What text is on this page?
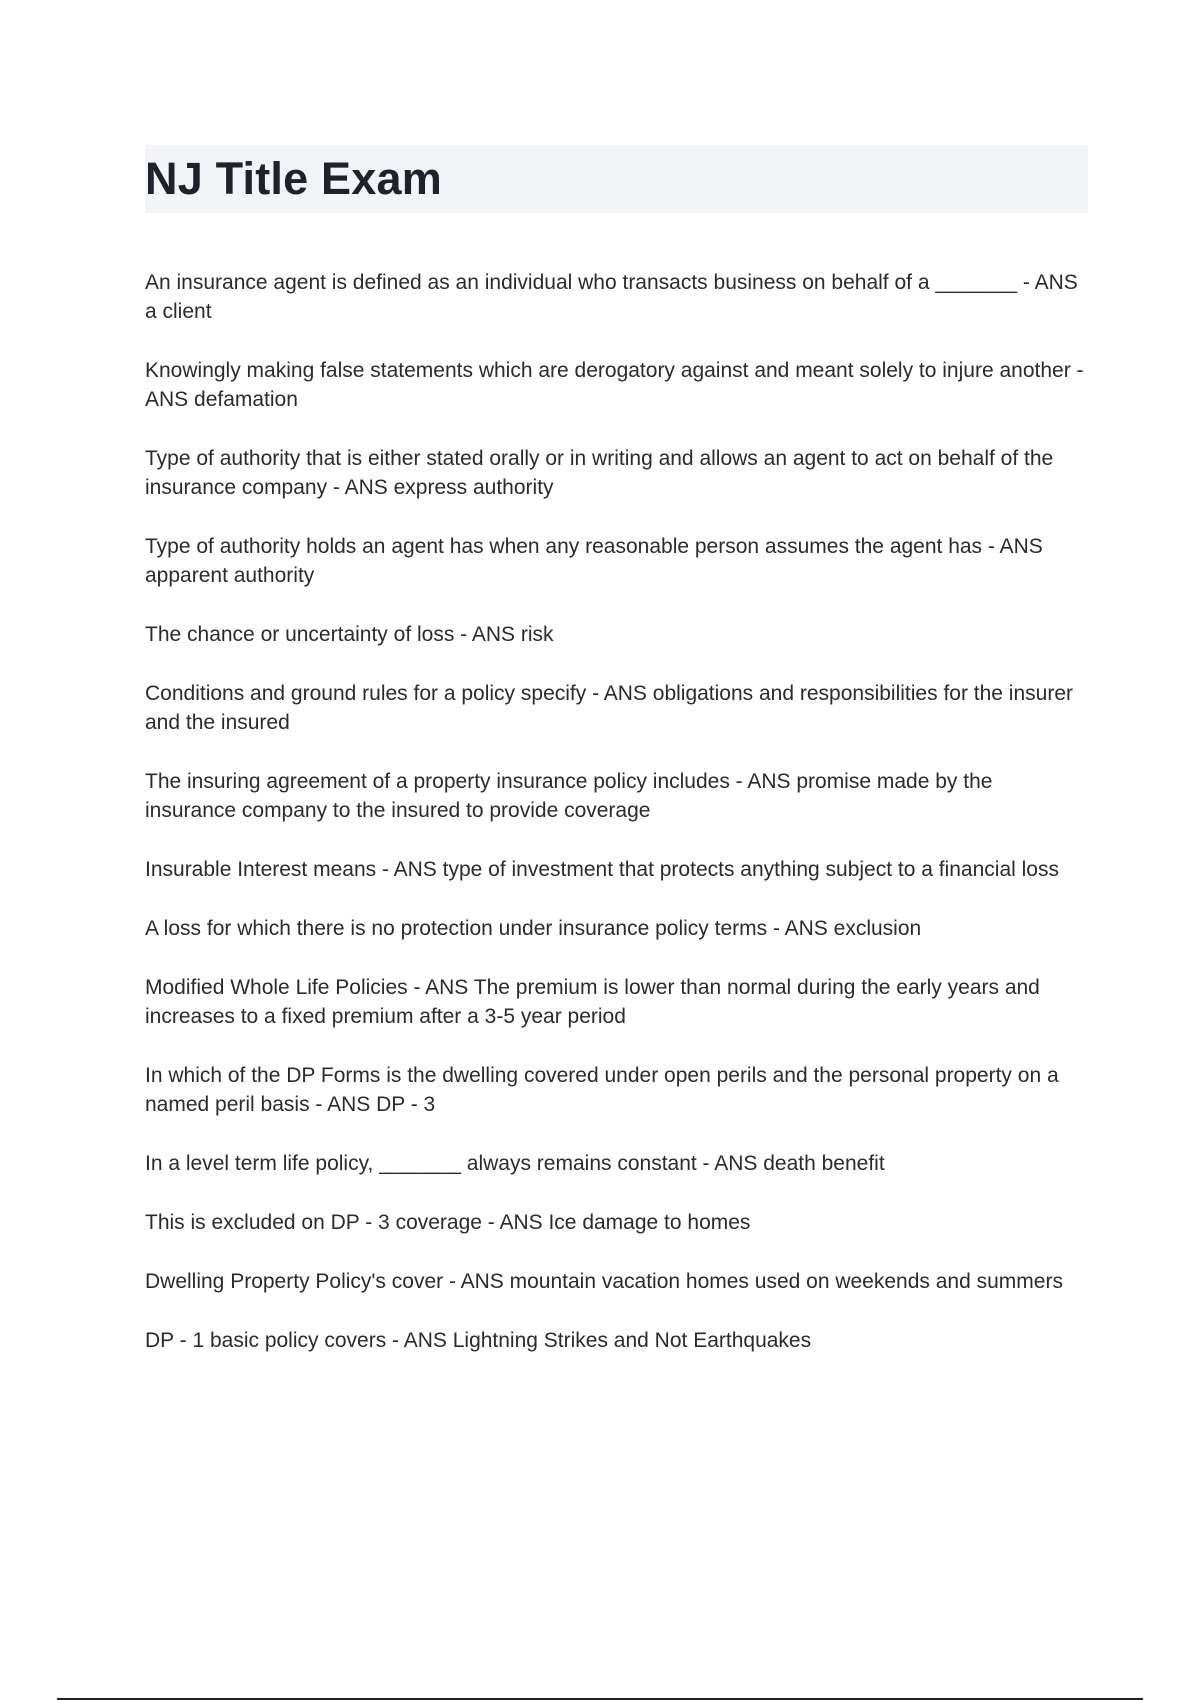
NJ Title Exam
An insurance agent is defined as an individual who transacts business on behalf of a _______ - ANS a client
Knowingly making false statements which are derogatory against and meant solely to injure another - ANS defamation
Type of authority that is either stated orally or in writing and allows an agent to act on behalf of the insurance company - ANS express authority
Type of authority holds an agent has when any reasonable person assumes the agent has - ANS apparent authority
The chance or uncertainty of loss - ANS risk
Conditions and ground rules for a policy specify - ANS obligations and responsibilities for the insurer and the insured
The insuring agreement of a property insurance policy includes - ANS promise made by the insurance company to the insured to provide coverage
Insurable Interest means - ANS type of investment that protects anything subject to a financial loss
A loss for which there is no protection under insurance policy terms - ANS exclusion
Modified Whole Life Policies - ANS The premium is lower than normal during the early years and increases to a fixed premium after a 3-5 year period
In which of the DP Forms is the dwelling covered under open perils and the personal property on a named peril basis - ANS DP - 3
In a level term life policy, _______ always remains constant - ANS death benefit
This is excluded on DP - 3 coverage - ANS Ice damage to homes
Dwelling Property Policy's cover - ANS mountain vacation homes used on weekends and summers
DP - 1 basic policy covers - ANS Lightning Strikes and Not Earthquakes
